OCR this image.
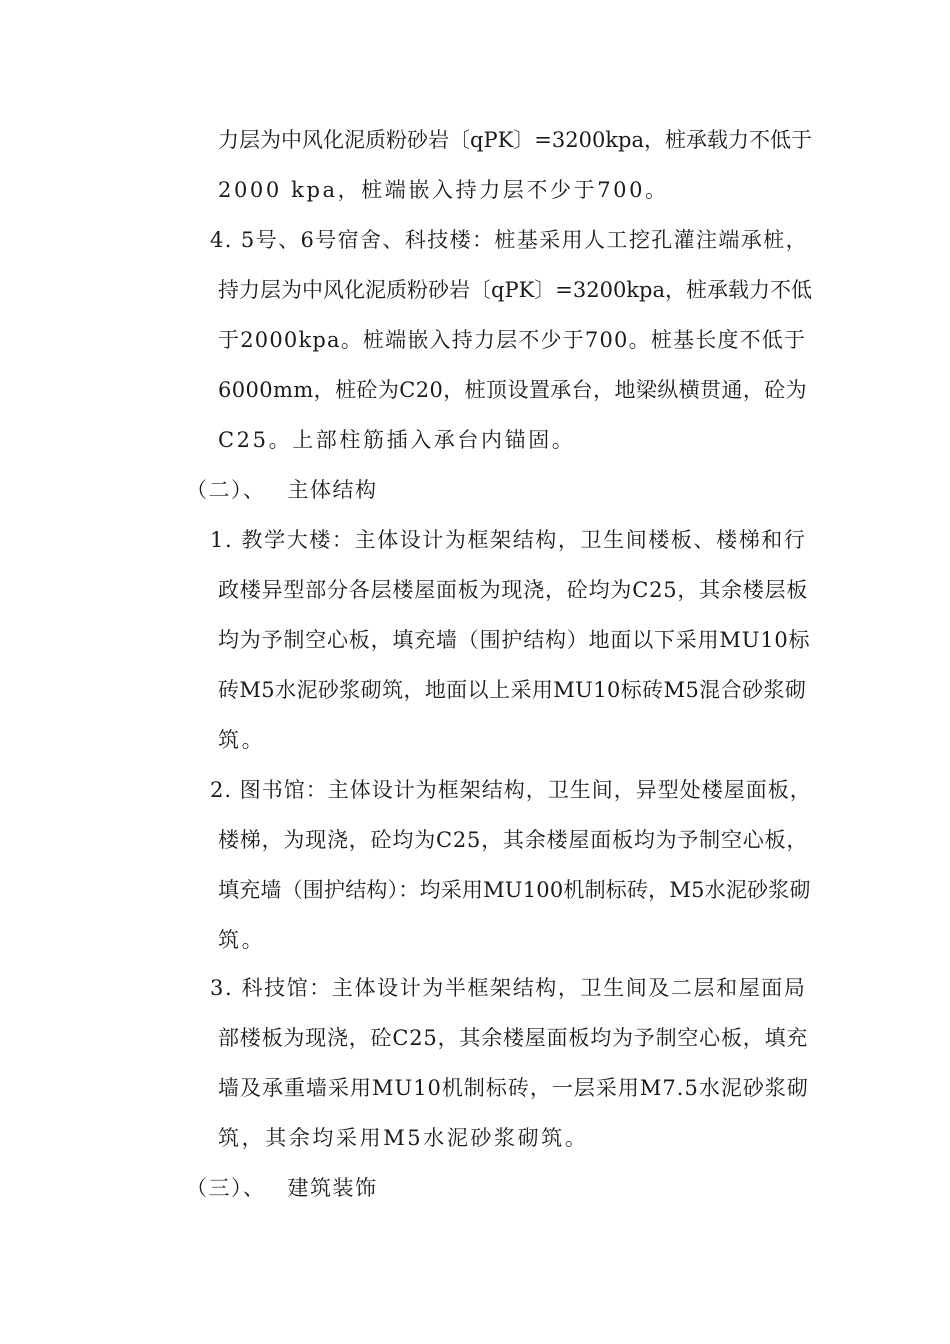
力层为中风化泥质粉砂岩〔qPK〕=3200kpa，桩承载力不低于
2000 kpa，桩端嵌入持力层不少于700。
4. 5号、6号宿舍、科技楼：桩基采用人工挖孔灌注端承桩，
持力层为中风化泥质粉砂岩〔qPK〕=3200kpa，桩承载力不低
于2000kpa。桩端嵌入持力层不少于700。桩基长度不低于
6000mm，桩砼为C20，桩顶设置承台，地梁纵横贯通，砼为
C25。上部柱筋插入承台内锚固。
（二）、 主体结构
1. 教学大楼：主体设计为框架结构，卫生间楼板、楼梯和行
政楼异型部分各层楼屋面板为现浇，砼均为C25，其余楼层板
均为予制空心板，填充墙（围护结构）地面以下采用MU10标
砖M5水泥砂浆砌筑，地面以上采用MU10标砖M5混合砂浆砌
筑。
2. 图书馆：主体设计为框架结构，卫生间，异型处楼屋面板，
楼梯，为现浇，砼均为C25，其余楼屋面板均为予制空心板，
填充墙（围护结构）：均采用MU100机制标砖，M5水泥砂浆砌
筑。
3. 科技馆：主体设计为半框架结构，卫生间及二层和屋面局
部楼板为现浇，砼C25，其余楼屋面板均为予制空心板，填充
墙及承重墙采用MU10机制标砖，一层采用M7.5水泥砂浆砌
筑，其余均采用M5水泥砂浆砌筑。
（三）、 建筑装饰
